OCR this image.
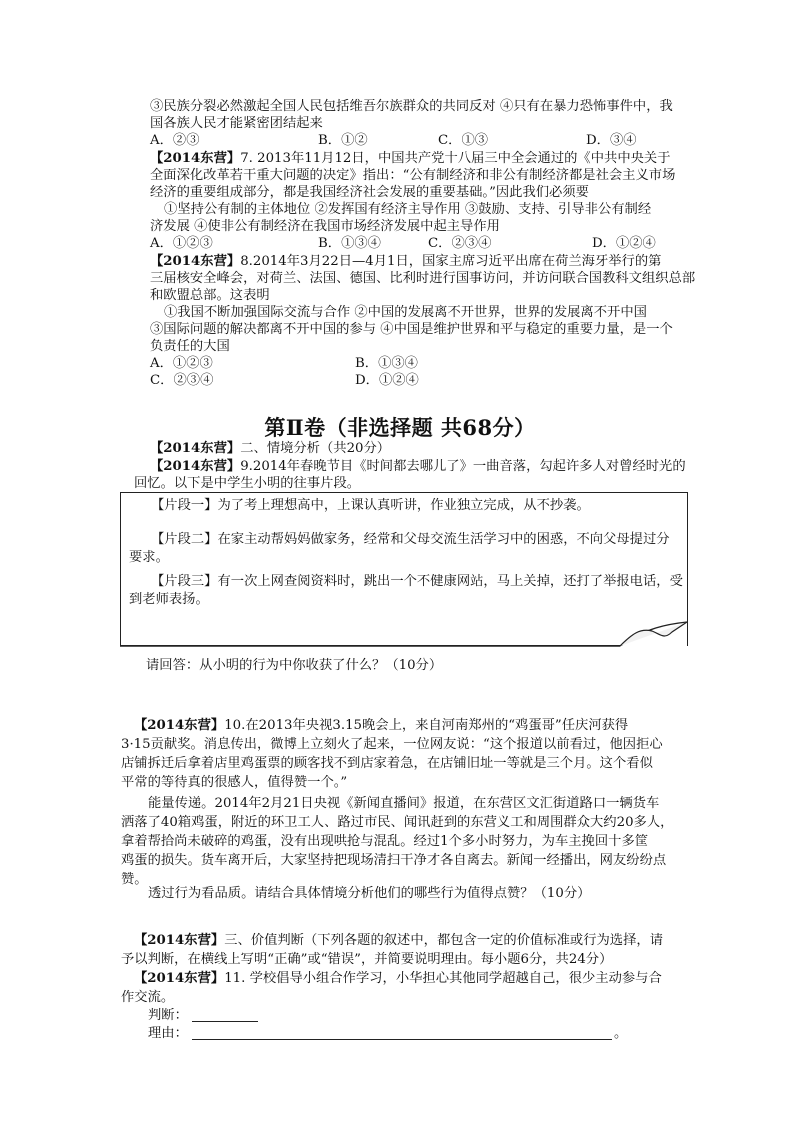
③民族分裂必然激起全国人民包括维吾尔族群众的共同反对 ④只有在暴力恐怖事件中，我
国各族人民才能紧密团结起来
A．②③	B．①②	C．①③	D．③④
【2014东营】7. 2013年11月12日，中国共产党十八届三中全会通过的《中共中央关于
全面深化改革若干重大问题的决定》指出：“公有制经济和非公有制经济都是社会主义市场
经济的重要组成部分，都是我国经济社会发展的重要基础。”因此我们必须要
①坚持公有制的主体地位 ②发挥国有经济主导作用 ③鼓励、支持、引导非公有制经
济发展 ④使非公有制经济在我国市场经济发展中起主导作用
A．①②③	B．①③④	C．②③④	D．①②④
【2014东营】8.2014年3月22日—4月1日，国家主席习近平出席在荷兰海牙举行的第
三届核安全峰会，对荷兰、法国、德国、比利时进行国事访问，并访问联合国教科文组织总部
和欧盟总部。这表明
①我国不断加强国际交流与合作 ②中国的发展离不开世界，世界的发展离不开中国
③国际问题的解决都离不开中国的参与 ④中国是维护世界和平与稳定的重要力量，是一个
负责任的大国
A．①②③	B．①③④
C．②③④	D．①②④
第Ⅱ卷（非选择题 共68分）
【2014东营】二、情境分析（共20分）
【2014东营】9.2014年春晚节目《时间都去哪儿了》一曲音落，勾起许多人对曾经时光的
回忆。以下是中学生小明的往事片段。
【片段一】为了考上理想高中，上课认真听讲，作业独立完成，从不抄袭。
【片段二】在家主动帮妈妈做家务，经常和父母交流生活学习中的困惑，不向父母提过分
要求。
【片段三】有一次上网查阅资料时，跳出一个不健康网站，马上关掉，还打了举报电话，受
到老师表扬。
请回答：从小明的行为中你收获了什么？（10分）
【2014东营】10.在2013年央视3.15晚会上，来自河南郑州的“鸡蛋哥”任庆河获得
3·15贡献奖。消息传出，微博上立刻火了起来，一位网友说：“这个报道以前看过，他因拒心
店铺拆迁后拿着店里鸡蛋票的顾客找不到店家着急，在店铺旧址一等就是三个月。这个看似
平常的等待真的很感人，值得赞一个。”
能量传递。2014年2月21日央视《新闻直播间》报道，在东营区文汇街道路口一辆货车
洒落了40箱鸡蛋，附近的环卫工人、路过市民、闻讯赶到的东营义工和周围群众大约20多人，
拿着帮拾尚未破碎的鸡蛋，没有出现哄抢与混乱。经过1个多小时努力，为车主挽回十多筐
鸡蛋的损失。货车离开后，大家坚持把现场清扫干净才各自离去。新闻一经播出，网友纷纷点
赞。
透过行为看品质。请结合具体情境分析他们的哪些行为值得点赞？（10分）
【2014东营】三、价值判断（下列各题的叙述中，都包含一定的价值标准或行为选择，请
予以判断，在横线上写明“正确”或“错误”，并简要说明理由。每小题6分，共24分）
【2014东营】11. 学校倡导小组合作学习，小华担心其他同学超越自己，很少主动参与合
作交流。
判断：
理由：	。
